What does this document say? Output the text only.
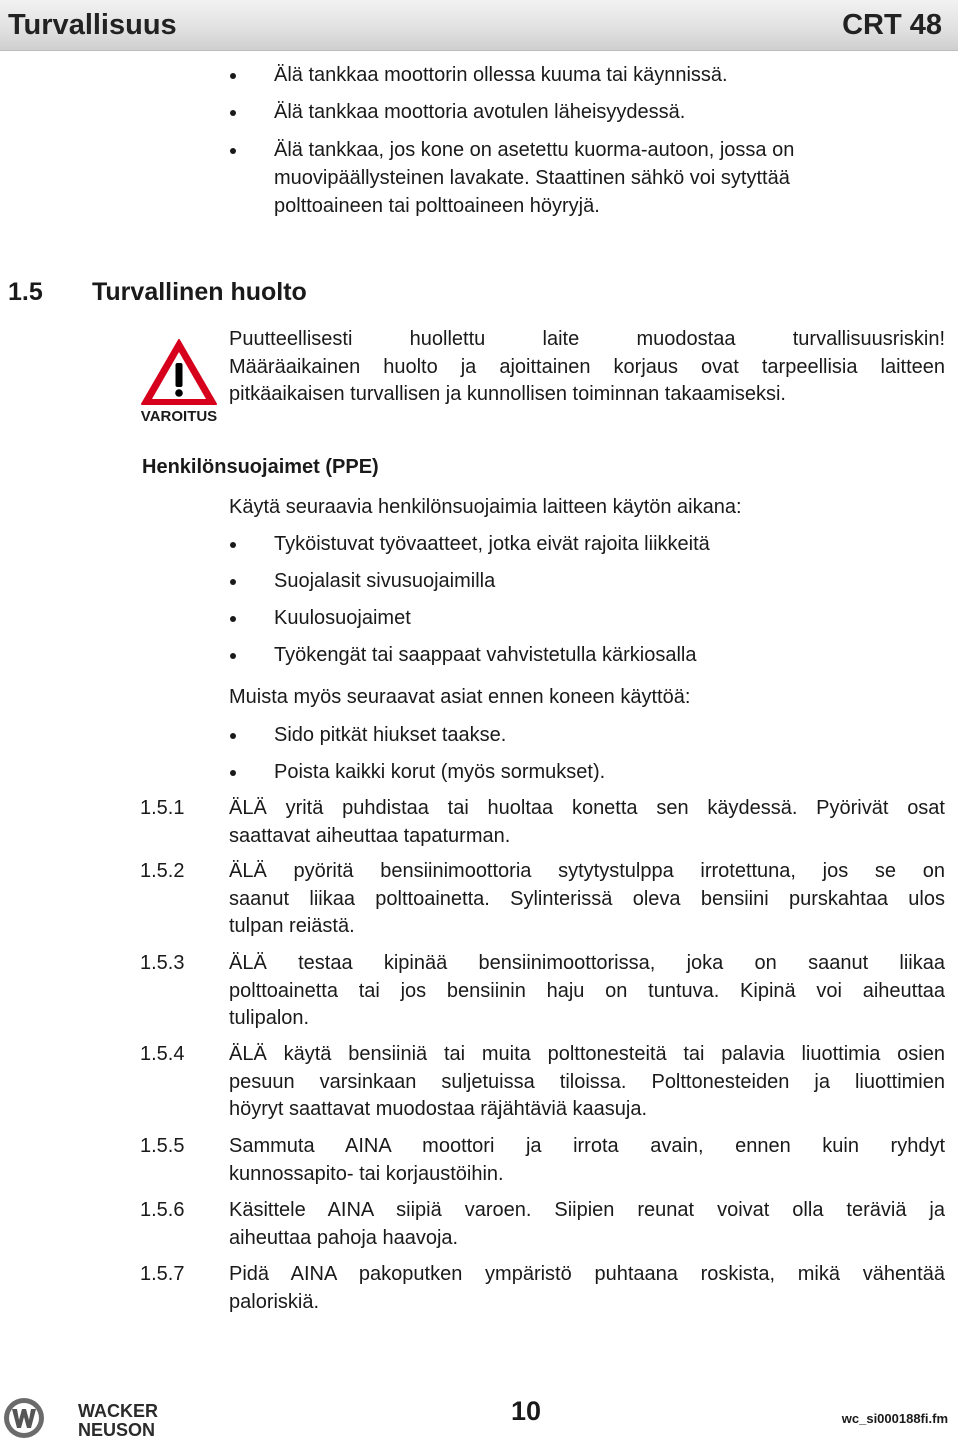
Turvallisuus	CRT 48
Älä tankkaa moottorin ollessa kuuma tai käynnissä.
Älä tankkaa moottoria avotulen läheisyydessä.
Älä tankkaa, jos kone on asetettu kuorma-autoon, jossa on
muovipäällysteinen lavakate. Staattinen sähkö voi sytyttää
polttoaineen tai polttoaineen höyryjä.
1.5 Turvallinen huolto
VAROITUS
Puutteellisesti huollettu laite muodostaa turvallisuusriskin!
Määräaikainen huolto ja ajoittainen korjaus ovat tarpeellisia laitteen
pitkäaikaisen turvallisen ja kunnollisen toiminnan takaamiseksi.
Henkilönsuojaimet (PPE)
Käytä seuraavia henkilönsuojaimia laitteen käytön aikana:
Tyköistuvat työvaatteet, jotka eivät rajoita liikkeitä
Suojalasit sivusuojaimilla
Kuulosuojaimet
Työkengät tai saappaat vahvistetulla kärkiosalla
Muista myös seuraavat asiat ennen koneen käyttöä:
Sido pitkät hiukset taakse.
Poista kaikki korut (myös sormukset).
1.5.1	ÄLÄ yritä puhdistaa tai huoltaa konetta sen käydessä. Pyörivät osat
saattavat aiheuttaa tapaturman.
1.5.2	ÄLÄ pyöritä bensiinimoottoria sytytystulppa irrotettuna, jos se on
saanut liikaa polttoainetta. Sylinterissä oleva bensiini purskahtaa ulos
tulpan reiästä.
1.5.3	ÄLÄ testaa kipinää bensiinimoottorissa, joka on saanut liikaa
polttoainetta tai jos bensiinin haju on tuntuva. Kipinä voi aiheuttaa
tulipalon.
1.5.4	ÄLÄ käytä bensiiniä tai muita polttonesteitä tai palavia liuottimia osien
pesuun varsinkaan suljetuissa tiloissa. Polttonesteiden ja liuottimien
höyryt saattavat muodostaa räjähtäviä kaasuja.
1.5.5	Sammuta AINA moottori ja irrota avain, ennen kuin ryhdyt
kunnossapito- tai korjaustöihin.
1.5.6	Käsittele AINA siipiä varoen. Siipien reunat voivat olla teräviä ja
aiheuttaa pahoja haavoja.
1.5.7	Pidä AINA pakoputken ympäristö puhtaana roskista, mikä vähentää
paloriskiä.
WACKER
NEUSON
10	wc_si000188fi.fm
